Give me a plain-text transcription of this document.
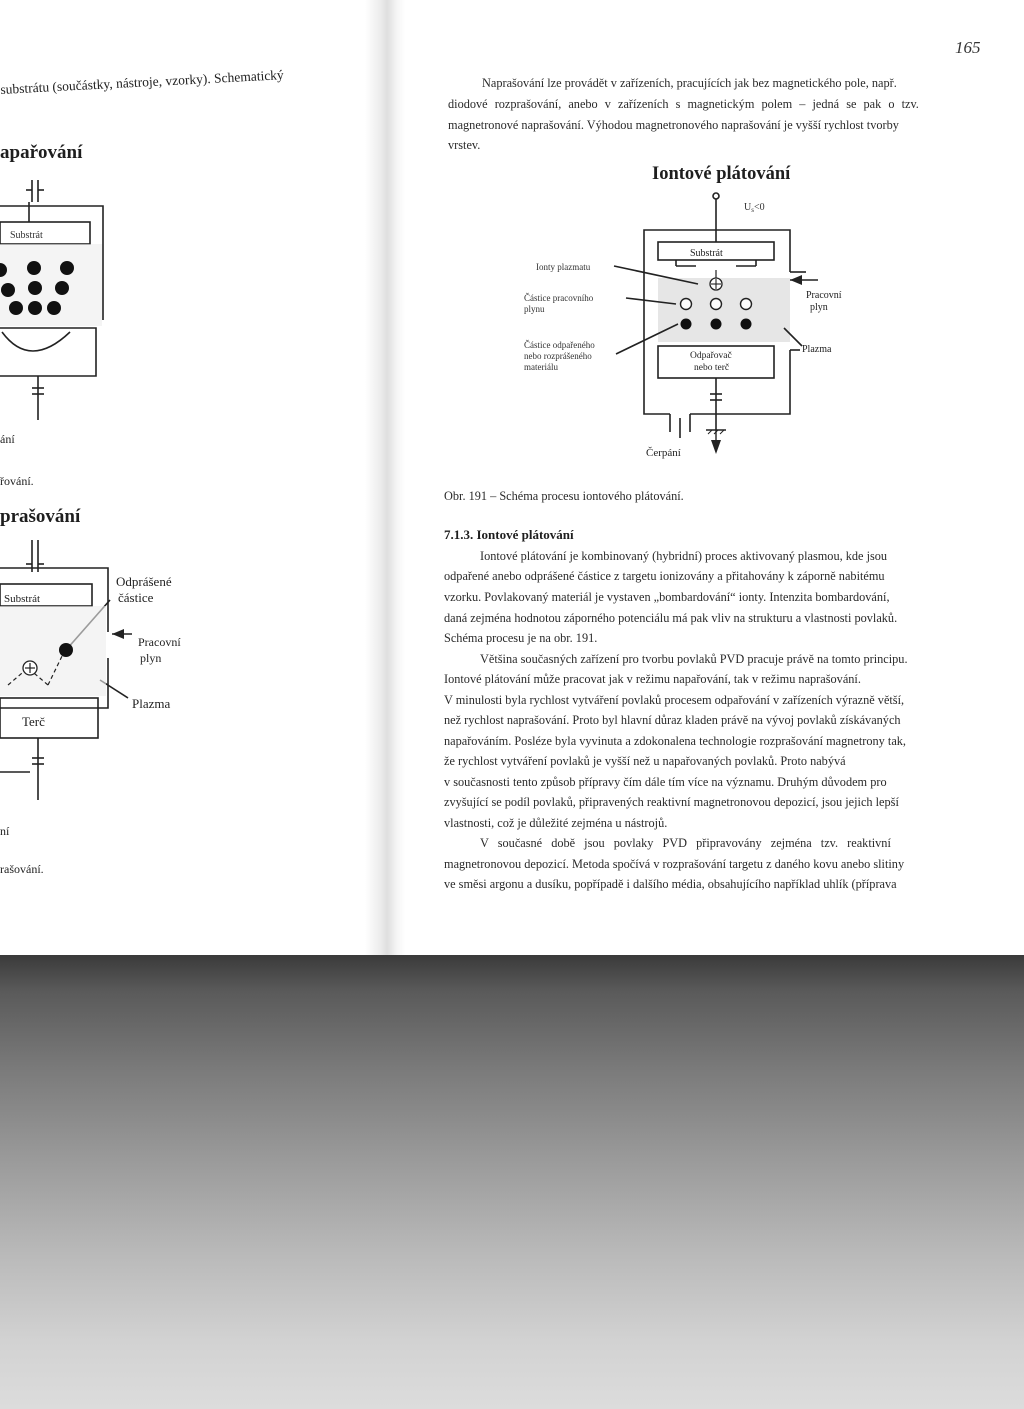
substrátu (součástky, nástroje, vzorky). Schematický
apařování
Substrát
ání
řování.
prašování
Substrát
Odprášené
částice
Pracovní
plyn
Plazma
Terč
ní
rašování.
165
Naprašování lze provádět v zařízeních, pracujících jak bez magnetického pole, např.
diodové rozprašování, anebo v zařízeních s magnetickým polem – jedná se pak o tzv.
magnetronové naprašování. Výhodou magnetronového naprašování je vyšší rychlost tvorby
vrstev.
Iontové plátování
$U_s<0$
Substrát
Ionty plazmatu
Částice pracovního
plynu
Částice odpařeného
nebo rozprášeného
materiálu
Odpařovač
nebo terč
Pracovní
plyn
Plazma
Čerpání
Obr. 191 – Schéma procesu iontového plátování.
7.1.3. Iontové plátování
Iontové plátování je kombinovaný (hybridní) proces aktivovaný plasmou, kde jsou
odpařené anebo odprášené částice z targetu ionizovány a přitahovány k záporně nabitému
vzorku. Povlakovaný materiál je vystaven „bombardování“ ionty. Intenzita bombardování,
daná zejména hodnotou záporného potenciálu má pak vliv na strukturu a vlastnosti povlaků.
Schéma procesu je na obr. 191.
Většina současných zařízení pro tvorbu povlaků PVD pracuje právě na tomto principu.
Iontové plátování může pracovat jak v režimu napařování, tak v režimu naprašování.
V minulosti byla rychlost vytváření povlaků procesem odpařování v zařízeních výrazně větší,
než rychlost naprašování. Proto byl hlavní důraz kladen právě na vývoj povlaků získávaných
napařováním. Posléze byla vyvinuta a zdokonalena technologie rozprašování magnetrony tak,
že rychlost vytváření povlaků je vyšší než u napařovaných povlaků. Proto nabývá
v současnosti tento způsob přípravy čím dále tím více na významu. Druhým důvodem pro
zvyšující se podíl povlaků, připravených reaktivní magnetronovou depozicí, jsou jejich lepší
vlastnosti, což je důležité zejména u nástrojů.
V současné době jsou povlaky PVD připravovány zejména tzv. reaktivní
magnetronovou depozicí. Metoda spočívá v rozprašování targetu z daného kovu anebo slitiny
ve směsi argonu a dusíku, popřípadě i dalšího média, obsahujícího například uhlík (příprava
